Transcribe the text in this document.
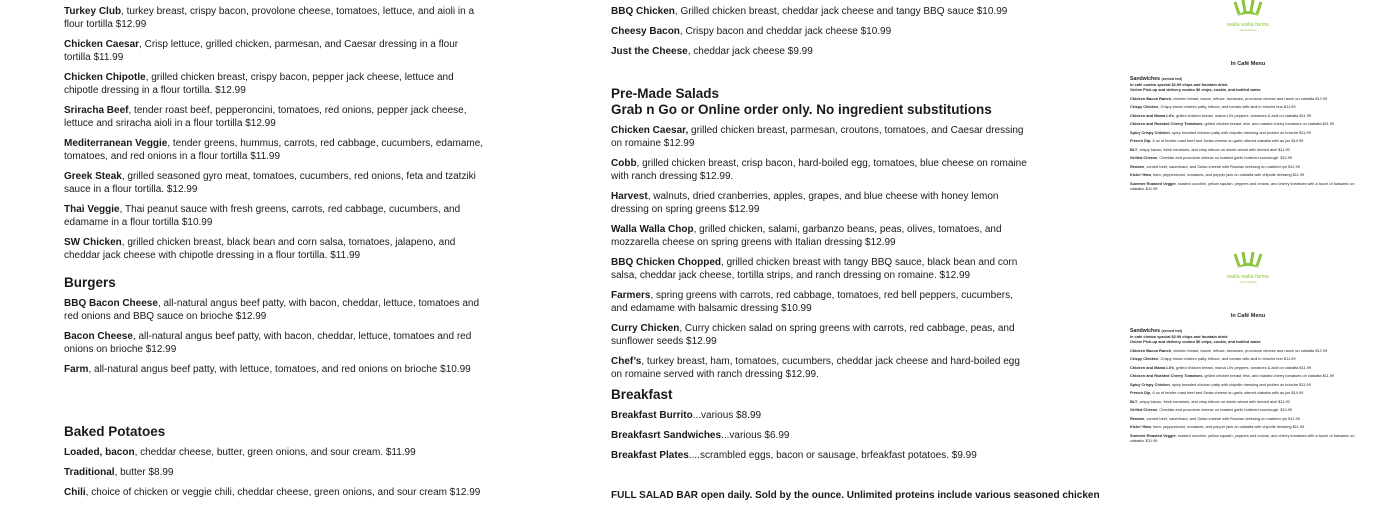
Turkey Club, turkey breast, crispy bacon, provolone cheese, tomatoes, lettuce, and aioli in a flour tortilla $12.99

Chicken Caesar, Crisp lettuce, grilled chicken, parmesan, and Caesar dressing in a flour tortilla $11.99

Chicken Chipotle, grilled chicken breast, crispy bacon, pepper jack cheese, lettuce and chipotle dressing in a flour tortilla. $12.99

Sriracha Beef, tender roast beef, pepperoncini, tomatoes, red onions, pepper jack cheese, lettuce and sriracha aioli in a flour tortilla $12.99

Mediterranean Veggie, tender greens, hummus, carrots, red cabbage, cucumbers, edamame, tomatoes, and red onions in a flour tortilla $11.99

Greek Steak, grilled seasoned gyro meat, tomatoes, cucumbers, red onions, feta and tzatziki sauce in a flour tortilla. $12.99

Thai Veggie, Thai peanut sauce with fresh greens, carrots, red cabbage, cucumbers, and edamame in a flour tortilla $10.99

SW Chicken, grilled chicken breast, black bean and corn salsa, tomatoes, jalapeno, and cheddar jack cheese with chipotle dressing in a flour tortilla. $11.99

Burgers

BBQ Bacon Cheese, all-natural angus beef patty, with bacon, cheddar, lettuce, tomatoes and red onions and BBQ sauce on brioche $12.99

Bacon Cheese, all-natural angus beef patty, with bacon, cheddar, lettuce, tomatoes and red onions on brioche $12.99

Farm, all-natural angus beef patty, with lettuce, tomatoes, and red onions on brioche $10.99

Baked Potatoes

Loaded, bacon, cheddar cheese, butter, green onions, and sour cream. $11.99

Traditional, butter $8.99

Chili, choice of chicken or veggie chili, cheddar cheese, green onions, and sour cream $12.99

BBQ Chicken, Grilled chicken breast, cheddar jack cheese and tangy BBQ sauce $10.99

Cheesy Bacon, Crispy bacon and cheddar jack cheese $10.99

Just the Cheese, cheddar jack cheese $9.99

Pre-Made Salads

Grab n Go or Online order only. No ingredient substitutions

Chicken Caesar, grilled chicken breast, parmesan, croutons, tomatoes, and Caesar dressing on romaine $12.99

Cobb, grilled chicken breast, crisp bacon, hard-boiled egg, tomatoes, blue cheese on romaine with ranch dressing $12.99.

Harvest, walnuts, dried cranberries, apples, grapes, and blue cheese with honey lemon dressing on spring greens $12.99

Walla Walla Chop, grilled chicken, salami, garbanzo beans, peas, olives, tomatoes, and mozzarella cheese on spring greens with Italian dressing $12.99

BBQ Chicken Chopped, grilled chicken breast with tangy BBQ sauce, black bean and corn salsa, cheddar jack cheese, tortilla strips, and ranch dressing on romaine. $12.99

Farmers, spring greens with carrots, red cabbage, tomatoes, red bell peppers, cucumbers, and edamame with balsamic dressing $10.99

Curry Chicken, Curry chicken salad on spring greens with carrots, red cabbage, peas, and sunflower seeds $12.99

Chef’s, turkey breast, ham, tomatoes, cucumbers, cheddar jack cheese and hard-boiled egg on romaine served with ranch dressing $12.99.

Breakfast

Breakfast Burrito...various $8.99

Breakfasrt Sandwiches...various $6.99

Breakfast Plates....scrambled eggs, bacon or sausage, brfeakfast potatoes. $9.99

FULL SALAD BAR open daily. Sold by the ounce. Unlimited proteins include various seasoned chicken

walla walla farms
café & catering
In Café Menu
Sandwiches (served hot)
In café combo special $2.99 chips and fountain drink
Online Pick-up and delivery combo $6 chips, cookie, and bottled water.
Chicken Bacon Ranch, chicken breast, bacon, lettuce, tomatoes, provolone cheese and ranch on ciabatta $12.99
Crispy Chicken, Crispy bread chicken patty, lettuce, and tomato with aioli in brioche bun $11.99
Chicken and Mama Lil’s, grilled chicken breast, mama Lil’s peppers, tomatoes & aioli on ciabatta $11.99
Chicken and Roasted Cherry Tomatoes, grilled chicken breast, feta, and roasted cherry tomatoes on ciabatta $11.99
Spicy Crispy Chicken, spicy breaded chicken patty with chipotle dressing and pickles on brioche $11.99
French Dip, 6 oz of tender roast beef and Swiss cheese on garlic uttered ciabatta with au jus $14.99
BLT, crispy bacon, fresh tomatoes, and crisp lettuce on whole wheat with herbed aioli $11.99
Grilled Cheese, Cheddar and provolone cheese on toasted garlic buttered sourdough. $10.99
Reuben, corned beef, sauerkraut, and Swiss cheese with Russian dressing on marbled rye $12.99
Kickn’ Ham, ham, pepperoncini, tomatoes, and pepper jack on ciabatta with chipotle dressing $11.99
Summer Roasted Veggie, roasted zucchini, yellow squash, peppers and onions, and cherry tomatoes with a touch of balsamic on ciabatta. $11.99
walla walla farms
café & catering
In Café Menu
Sandwiches (served hot)
In café combo special $2.99 chips and fountain drink
Online Pick-up and delivery combo $6 chips, cookie, and bottled water.
Chicken Bacon Ranch, chicken breast, bacon, lettuce, tomatoes, provolone cheese and ranch on ciabatta $12.99
Crispy Chicken, Crispy bread chicken patty, lettuce, and tomato with aioli in brioche bun $11.99
Chicken and Mama Lil’s, grilled chicken breast, mama Lil’s peppers, tomatoes & aioli on ciabatta $11.99
Chicken and Roasted Cherry Tomatoes, grilled chicken breast, feta, and roasted cherry tomatoes on ciabatta $11.99
Spicy Crispy Chicken, spicy breaded chicken patty with chipotle dressing and pickles on brioche $11.99
French Dip, 6 oz of tender roast beef and Swiss cheese on garlic uttered ciabatta with au jus $14.99
BLT, crispy bacon, fresh tomatoes, and crisp lettuce on whole wheat with herbed aioli $11.99
Grilled Cheese, Cheddar and provolone cheese on toasted garlic buttered sourdough. $10.99
Reuben, corned beef, sauerkraut, and Swiss cheese with Russian dressing on marbled rye $12.99
Kickn’ Ham, ham, pepperoncini, tomatoes, and pepper jack on ciabatta with chipotle dressing $11.99
Summer Roasted Veggie, roasted zucchini, yellow squash, peppers and onions, and cherry tomatoes with a touch of balsamic on ciabatta. $11.99
